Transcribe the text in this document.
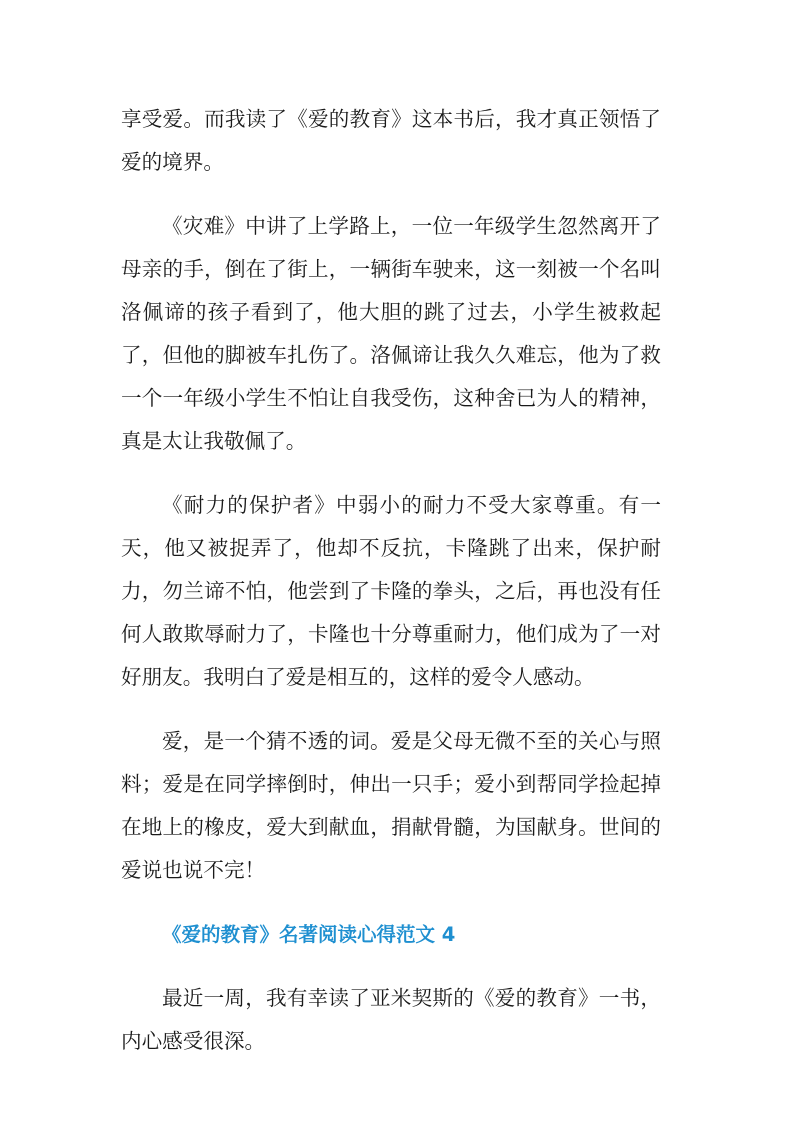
享受爱。而我读了《爱的教育》这本书后，我才真正领悟了爱的境界。

《灾难》中讲了上学路上，一位一年级学生忽然离开了母亲的手，倒在了街上，一辆街车驶来，这一刻被一个名叫洛佩谛的孩子看到了，他大胆的跳了过去，小学生被救起了，但他的脚被车扎伤了。洛佩谛让我久久难忘，他为了救一个一年级小学生不怕让自我受伤，这种舍已为人的精神，真是太让我敬佩了。

《耐力的保护者》中弱小的耐力不受大家尊重。有一天，他又被捉弄了，他却不反抗，卡隆跳了出来，保护耐力，勿兰谛不怕，他尝到了卡隆的拳头，之后，再也没有任何人敢欺辱耐力了，卡隆也十分尊重耐力，他们成为了一对好朋友。我明白了爱是相互的，这样的爱令人感动。

爱，是一个猜不透的词。爱是父母无微不至的关心与照料；爱是在同学摔倒时，伸出一只手；爱小到帮同学捡起掉在地上的橡皮，爱大到献血，捐献骨髓，为国献身。世间的爱说也说不完！

《爱的教育》名著阅读心得范文 4

最近一周，我有幸读了亚米契斯的《爱的教育》一书，内心感受很深。
